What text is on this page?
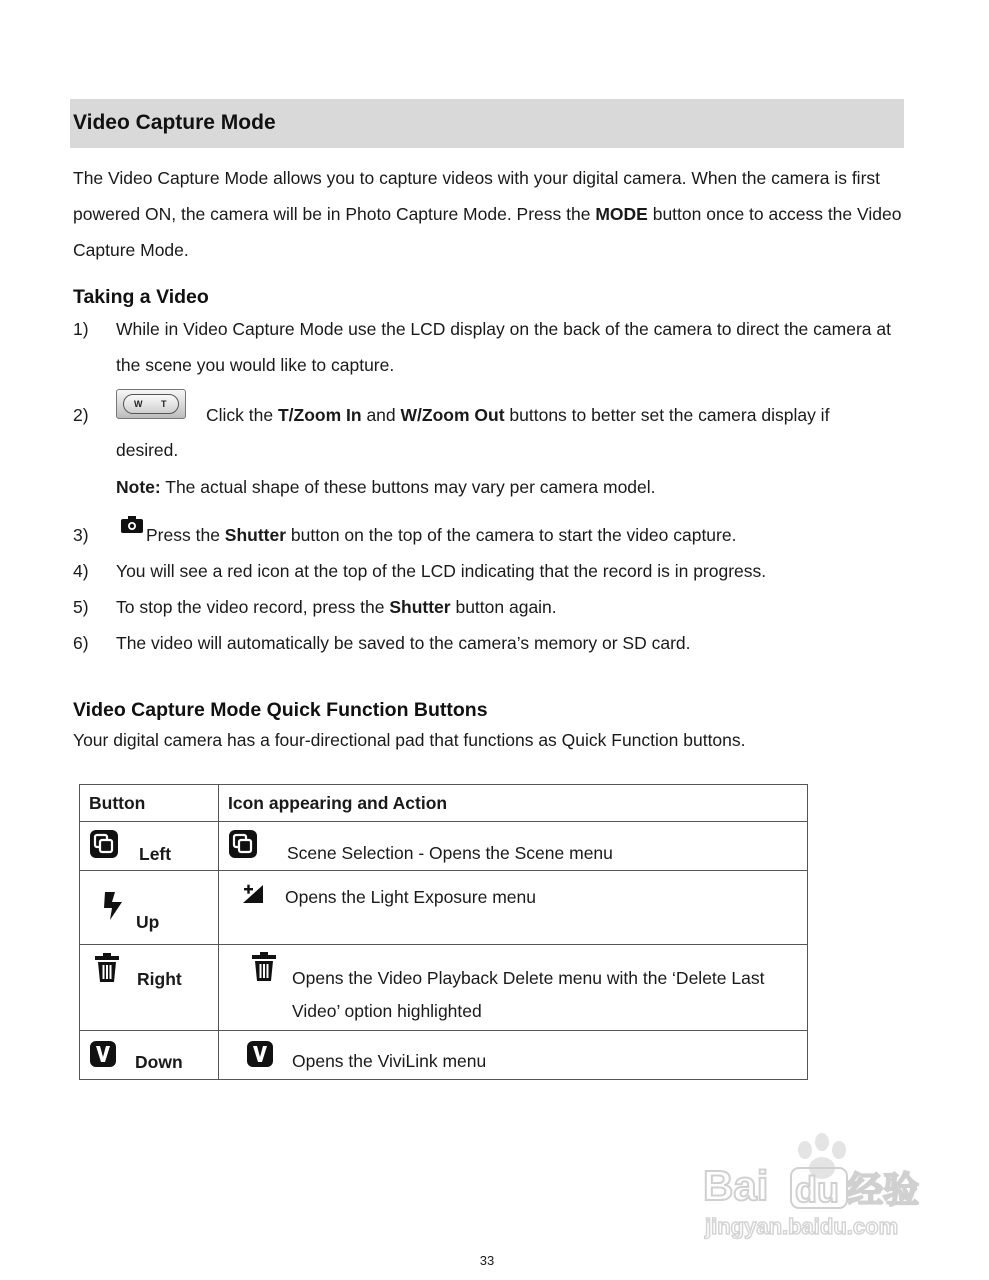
Video Capture Mode

The Video Capture Mode allows you to capture videos with your digital camera. When the camera is first powered ON, the camera will be in Photo Capture Mode. Press the MODE button once to access the Video Capture Mode.

Taking a Video
1) While in Video Capture Mode use the LCD display on the back of the camera to direct the camera at the scene you would like to capture.
2)	Click the T/Zoom In and W/Zoom Out buttons to better set the camera display if
W T
desired.
Note: The actual shape of these buttons may vary per camera model.
3)	Press the Shutter button on the top of the camera to start the video capture.
4) You will see a red icon at the top of the LCD indicating that the record is in progress.
5) To stop the video record, press the Shutter button again.
6) The video will automatically be saved to the camera’s memory or SD card.
Video Capture Mode Quick Function Buttons

Your digital camera has a four-directional pad that functions as Quick Function buttons.

Button	Icon appearing and Action

Left	Scene Selection - Opens the Scene menu

Up	Opens the Light Exposure menu

Right	Opens the Video Playback Delete menu with the ‘Delete Last Video’ option highlighted

Down	Opens the ViviLink menu
Bai du 经验
jingyan.baidu.com
33
